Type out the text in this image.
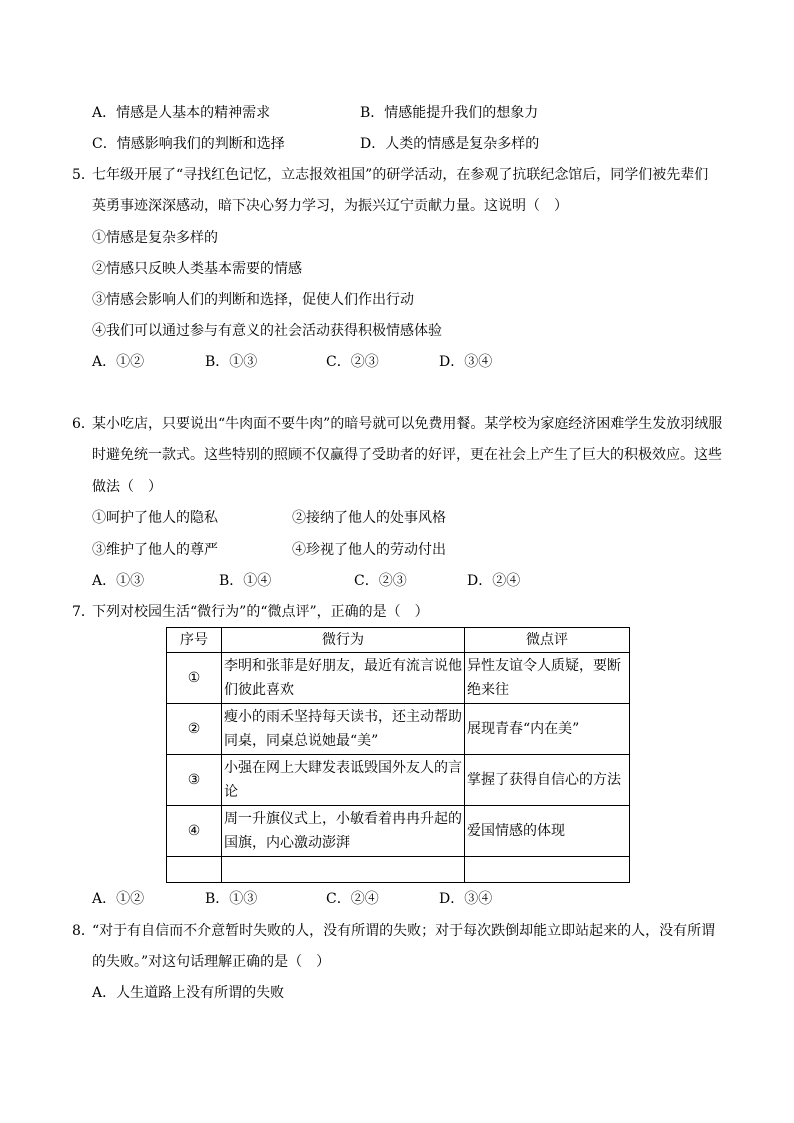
A．情感是人基本的精神需求	B．情感能提升我们的想象力
C．情感影响我们的判断和选择	D．人类的情感是复杂多样的
5．
七年级开展了“寻找红色记忆，立志报效祖国”的研学活动，在参观了抗联纪念馆后，同学们被先辈们
英勇事迹深深感动，暗下决心努力学习，为振兴辽宁贡献力量。这说明（　）
①情感是复杂多样的
②情感只反映人类基本需要的情感
③情感会影响人们的判断和选择，促使人们作出行动
④我们可以通过参与有意义的社会活动获得积极情感体验
A．①②	B．①③	C．②③	D．③④
6．
某小吃店，只要说出“牛肉面不要牛肉”的暗号就可以免费用餐。某学校为家庭经济困难学生发放羽绒服
时避免统一款式。这些特别的照顾不仅赢得了受助者的好评，更在社会上产生了巨大的积极效应。这些
做法（　）
①呵护了他人的隐私	②接纳了他人的处事风格
③维护了他人的尊严	④珍视了他人的劳动付出
A．①③	B．①④	C．②③	D．②④
7．
下列对校园生活“微行为”的“微点评”，正确的是（　）
序号	微行为	微点评
①	李明和张菲是好朋友，最近有流言说他们彼此喜欢	异性友谊令人质疑，要断绝来往
②	瘦小的雨禾坚持每天读书，还主动帮助同桌，同桌总说她最“美”	展现青春“内在美”
③	小强在网上大肆发表诋毁国外友人的言论	掌握了获得自信心的方法
④	周一升旗仪式上，小敏看着冉冉升起的国旗，内心激动澎湃	爱国情感的体现

A．①②	B．①③	C．②④	D．③④
8．
“对于有自信而不介意暂时失败的人，没有所谓的失败；对于每次跌倒却能立即站起来的人，没有所谓
的失败。”对这句话理解正确的是（　）
A．人生道路上没有所谓的失败
